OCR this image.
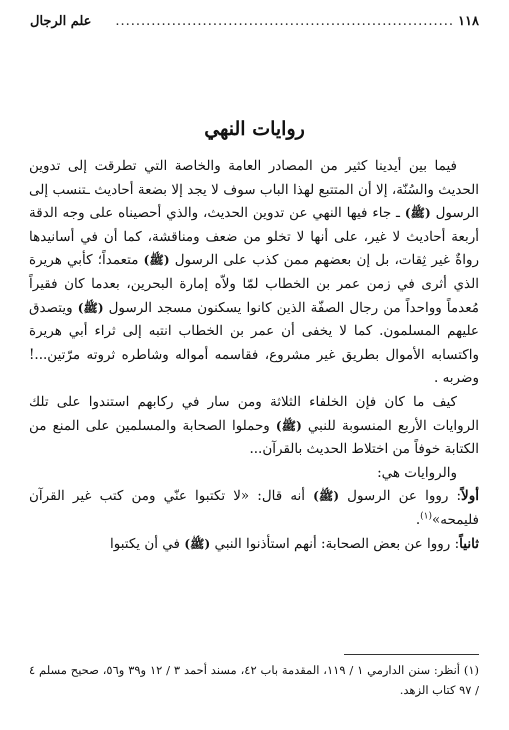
١١٨
..................................................................
علم الرجال
روايات النهي

فيما بين أيدينا كثير من المصادر العامة والخاصة التي تطرقت إلى تدوين الحديث والسُنّة، إلا أن المتتبع لهذا الباب سوف لا يجد إلا بضعة أحاديث ـتنسب إلى الرسول (ﷺ) ـ جاء فيها النهي عن تدوين الحديث، والذي أحصيناه على وجه الدقة أربعة أحاديث لا غير، على أنها لا تخلو من ضعف ومناقشة، كما أن في أسانيدها رواةٌ غير ثِقات، بل إن بعضهم ممن كذب على الرسول (ﷺ) متعمداً؛ كأبي هريرة الذي أثرى في زمن عمر بن الخطاب لمّا ولاّه إمارة البحرين، بعدما كان فقيراً مُعدماً وواحداً من رجال الصفّة الذين كانوا يسكنون مسجد الرسول (ﷺ) ويتصدق عليهم المسلمون. كما لا يخفى أن عمر بن الخطاب انتبه إلى ثراء أبي هريرة واكتسابه الأموال بطريق غير مشروع، فقاسمه أمواله وشاطره ثروته مرّتين...! وضربه .

كيف ما كان فإن الخلفاء الثلاثة ومن سار في ركابهم استندوا على تلك الروايات الأربع المنسوبة للنبي (ﷺ) وحملوا الصحابة والمسلمين على المنع من الكتابة خوفاً من اختلاط الحديث بالقرآن...

والروايات هي:

أولاً: رووا عن الرسول (ﷺ) أنه قال: «لا تكتبوا عنّي ومن كتب غير القرآن فليمحه»$^{(١)}$.

ثانياً: رووا عن بعض الصحابة: أنهم استأذنوا النبي (ﷺ) في أن يكتبوا

(١) أنظر: سنن الدارمي ١ / ١١٩، المقدمة باب ٤٢، مسند أحمد ٣ / ١٢ و٣٩ و٥٦، صحيح مسلم ٤ / ٩٧ كتاب الزهد.
